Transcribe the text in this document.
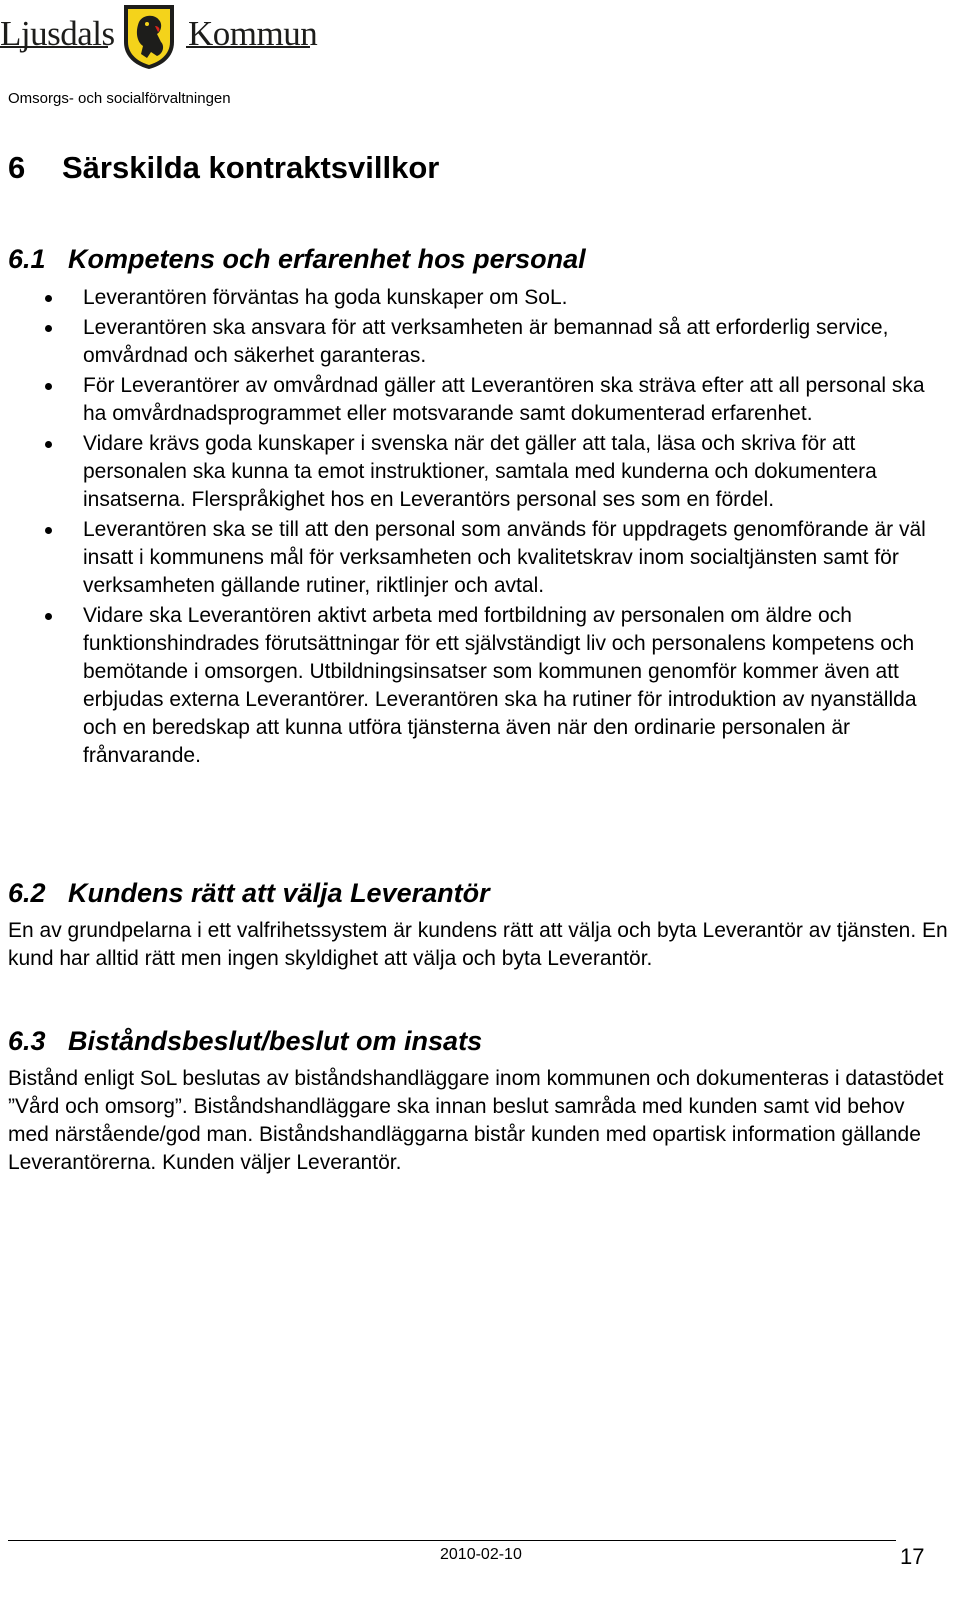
Ljusdals Kommun
Omsorgs- och socialförvaltningen
6 Särskilda kontraktsvillkor
6.1 Kompetens och erfarenhet hos personal
Leverantören förväntas ha goda kunskaper om SoL.
Leverantören ska ansvara för att verksamheten är bemannad så att erforderlig service, omvårdnad och säkerhet garanteras.
För Leverantörer av omvårdnad gäller att Leverantören ska sträva efter att all personal ska ha omvårdnadsprogrammet eller motsvarande samt dokumenterad erfarenhet.
Vidare krävs goda kunskaper i svenska när det gäller att tala, läsa och skriva för att personalen ska kunna ta emot instruktioner, samtala med kunderna och dokumentera insatserna. Flerspråkighet hos en Leverantörs personal ses som en fördel.
Leverantören ska se till att den personal som används för uppdragets genomförande är väl insatt i kommunens mål för verksamheten och kvalitetskrav inom socialtjänsten samt för verksamheten gällande rutiner, riktlinjer och avtal.
Vidare ska Leverantören aktivt arbeta med fortbildning av personalen om äldre och funktionshindrades förutsättningar för ett självständigt liv och personalens kompetens och bemötande i omsorgen. Utbildningsinsatser som kommunen genomför kommer även att erbjudas externa Leverantörer. Leverantören ska ha rutiner för introduktion av nyanställda och en beredskap att kunna utföra tjänsterna även när den ordinarie personalen är frånvarande.
6.2 Kundens rätt att välja Leverantör

En av grundpelarna i ett valfrihetssystem är kundens rätt att välja och byta Leverantör av tjänsten. En kund har alltid rätt men ingen skyldighet att välja och byta Leverantör.

6.3 Biståndsbeslut/beslut om insats

Bistånd enligt SoL beslutas av biståndshandläggare inom kommunen och dokumenteras i datastödet ”Vård och omsorg”. Biståndshandläggare ska innan beslut samråda med kunden samt vid behov med närstående/god man. Biståndshandläggarna bistår kunden med opartisk information gällande Leverantörerna. Kunden väljer Leverantör.

2010-02-10	17
